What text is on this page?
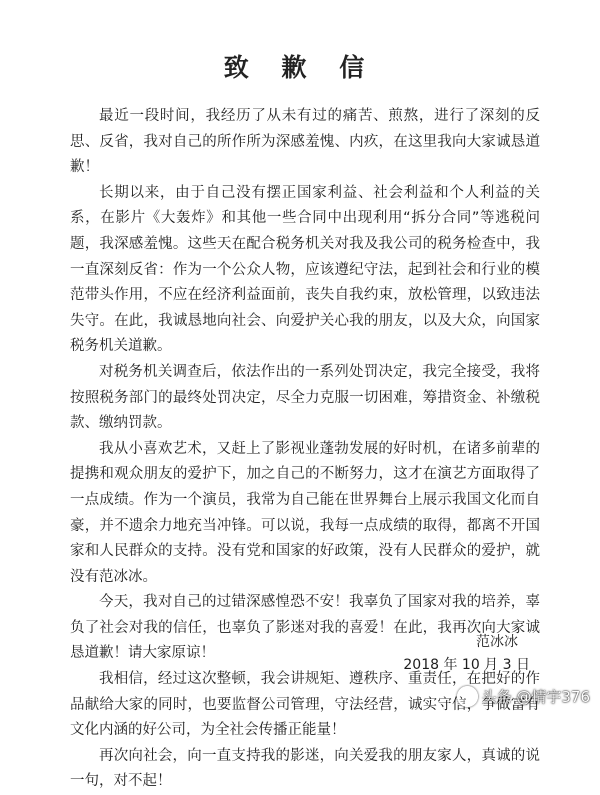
致 歉 信

最近一段时间，我经历了从未有过的痛苦、煎熬，进行了深刻的反思、反省，我对自己的所作所为深感羞愧、内疚，在这里我向大家诚恳道歉！

长期以来，由于自己没有摆正国家利益、社会利益和个人利益的关系，在影片《大轰炸》和其他一些合同中出现利用“拆分合同”等逃税问题，我深感羞愧。这些天在配合税务机关对我及我公司的税务检查中，我一直深刻反省：作为一个公众人物，应该遵纪守法，起到社会和行业的模范带头作用，不应在经济利益面前，丧失自我约束，放松管理，以致违法失守。在此，我诚恳地向社会、向爱护关心我的朋友，以及大众，向国家税务机关道歉。

对税务机关调查后，依法作出的一系列处罚决定，我完全接受，我将按照税务部门的最终处罚决定，尽全力克服一切困难，筹措资金、补缴税款、缴纳罚款。

我从小喜欢艺术，又赶上了影视业蓬勃发展的好时机，在诸多前辈的提携和观众朋友的爱护下，加之自己的不断努力，这才在演艺方面取得了一点成绩。作为一个演员，我常为自己能在世界舞台上展示我国文化而自豪，并不遗余力地充当冲锋。可以说，我每一点成绩的取得，都离不开国家和人民群众的支持。没有党和国家的好政策，没有人民群众的爱护，就没有范冰冰。

今天，我对自己的过错深感惶恐不安！我辜负了国家对我的培养，辜负了社会对我的信任，也辜负了影迷对我的喜爱！在此，我再次向大家诚恳道歉！请大家原谅！

我相信，经过这次整顿，我会讲规矩、遵秩序、重责任，在把好的作品献给大家的同时，也要监督公司管理，守法经营，诚实守信，争做富有文化内涵的好公司，为全社会传播正能量！

再次向社会，向一直支持我的影迷，向关爱我的朋友家人，真诚的说一句，对不起！

范冰冰
2018 年 10 月 3 日
头条 @情宇376
